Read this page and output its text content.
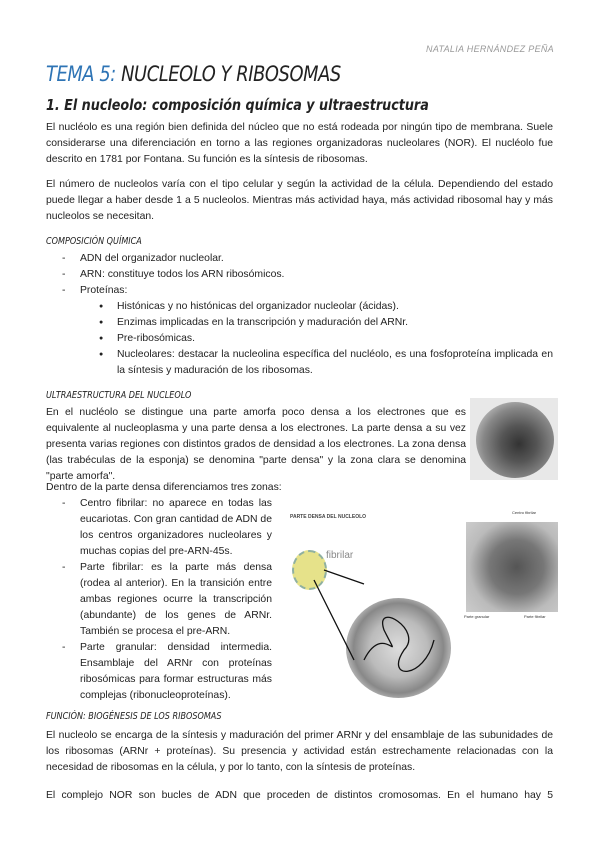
NATALIA HERNÁNDEZ PEÑA
TEMA 5: NUCLEOLO Y RIBOSOMAS
1. El nucleolo: composición química y ultraestructura

El nucléolo es una región bien definida del núcleo que no está rodeada por ningún tipo de membrana. Suele considerarse una diferenciación en torno a las regiones organizadoras nucleolares (NOR). El nucléolo fue descrito en 1781 por Fontana. Su función es la síntesis de ribosomas.

El número de nucleolos varía con el tipo celular y según la actividad de la célula. Dependiendo del estado puede llegar a haber desde 1 a 5 nucleolos. Mientras más actividad haya, más actividad ribosomal hay y más nucleolos se necesitan.

COMPOSICIÓN QUÍMICA
- ADN del organizador nucleolar.
- ARN: constituye todos los ARN ribosómicos.
- Proteínas:
● Histónicas y no histónicas del organizador nucleolar (ácidas).
● Enzimas implicadas en la transcripción y maduración del ARNr.
● Pre-ribosómicas.
● Nucleolares: destacar la nucleolina específica del nucléolo, es una fosfoproteína implicada en la síntesis y maduración de los ribosomas.
ULTRAESTRUCTURA DEL NUCLEOLO

En el nucléolo se distingue una parte amorfa poco densa a los electrones que es equivalente al nucleoplasma y una parte densa a los electrones. La parte densa a su vez presenta varias regiones con distintos grados de densidad a los electrones. La zona densa (las trabéculas de la esponja) se denomina "parte densa" y la zona clara se denomina "parte amorfa".

Dentro de la parte densa diferenciamos tres zonas:

- Centro fibrilar: no aparece en todas las eucariotas. Con gran cantidad de ADN de los centros organizadores nucleolares y muchas copias del pre-ARN-45s.
- Parte fibrilar: es la parte más densa (rodea al anterior). En la transición entre ambas regiones ocurre la transcripción (abundante) de los genes de ARNr. También se procesa el pre-ARN.
- Parte granular: densidad intermedia. Ensamblaje del ARNr con proteínas ribosómicas para formar estructuras más complejas (ribonucleoproteínas).
PARTE DENSA DEL NUCLEOLO
fibrilar
Centro fibrilar
Parte granular	Parte fibrilar
FUNCIÓN: BIOGÉNESIS DE LOS RIBOSOMAS

El nucleolo se encarga de la síntesis y maduración del primer ARNr y del ensamblaje de las subunidades de los ribosomas (ARNr + proteínas). Su presencia y actividad están estrechamente relacionadas con la necesidad de ribosomas en la célula, y por lo tanto, con la síntesis de proteínas.

El complejo NOR son bucles de ADN que proceden de distintos cromosomas. En el humano hay 5
